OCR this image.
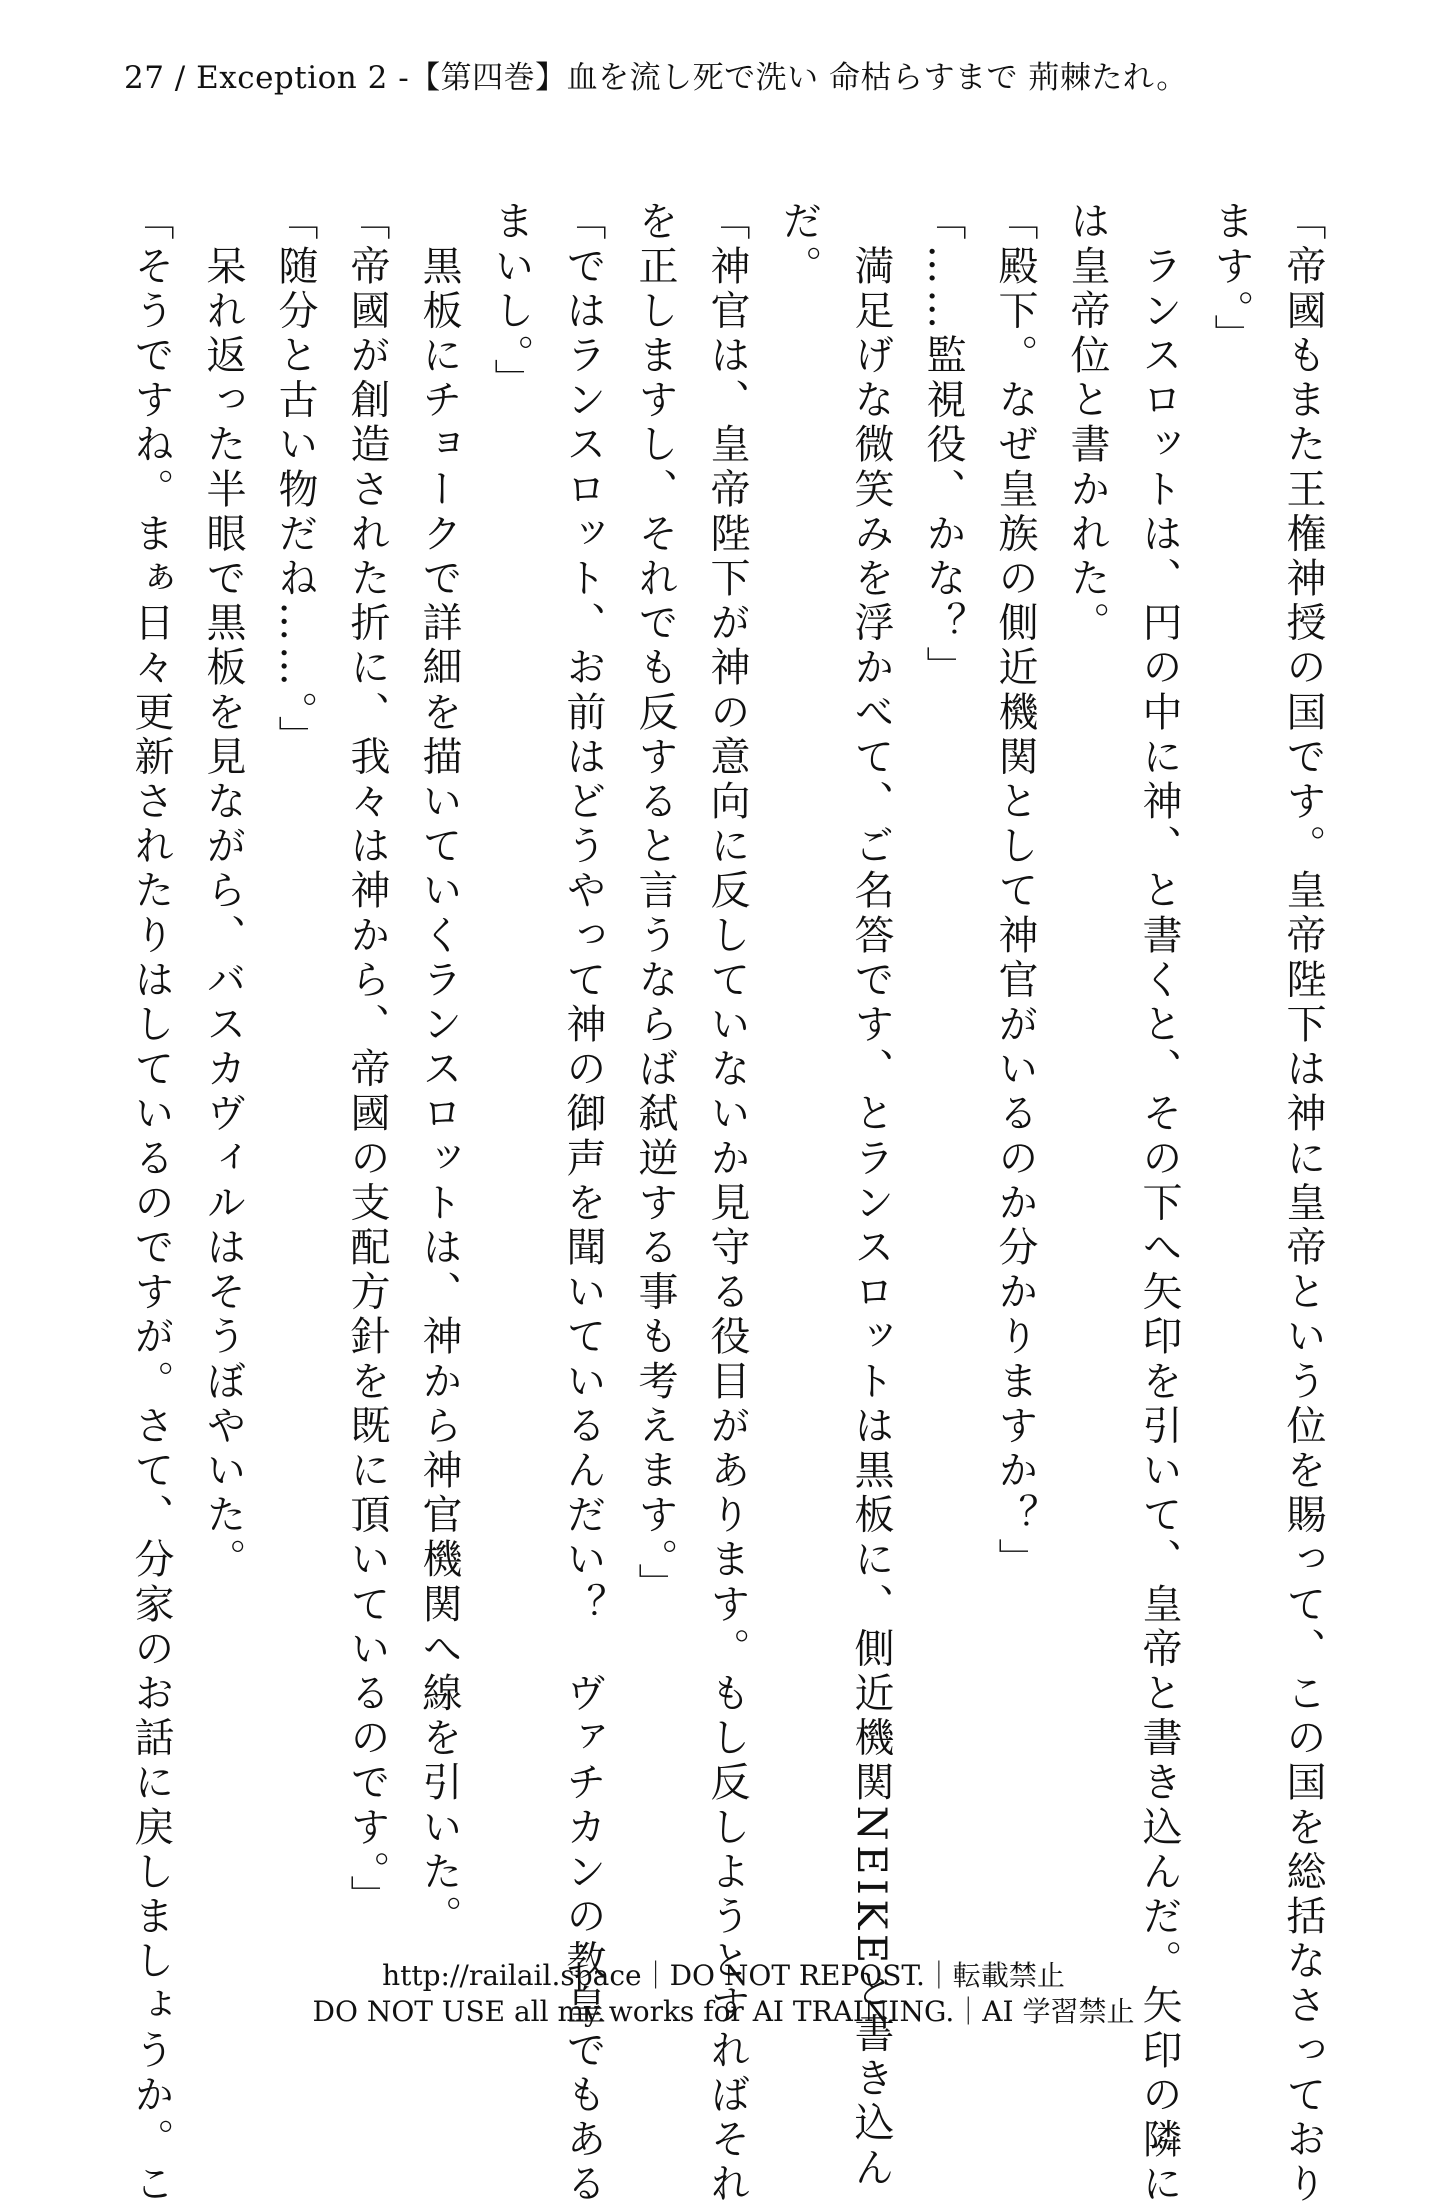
27 / Exception 2 -【第四巻】血を流し死で洗い 命枯らすまで 荊棘たれ。
「帝國もまた王権神授の国です。皇帝陛下は神に皇帝という位を賜って、この国を総括なさっており
ます。」
　ランスロットは、円の中に神、と書くと、その下へ矢印を引いて、皇帝と書き込んだ。矢印の隣に
は皇帝位と書かれた。
「殿下。なぜ皇族の側近機関として神官がいるのか分かりますか？」
「……監視役、かな？」
　満足げな微笑みを浮かべて、ご名答です、とランスロットは黒板に、側近機関NEIKEと書き込ん
だ。
「神官は、皇帝陛下が神の意向に反していないか見守る役目があります。もし反しようとすればそれ
を正しますし、それでも反すると言うならば弑逆する事も考えます。」
「ではランスロット、お前はどうやって神の御声を聞いているんだい？　ヴァチカンの教皇でもある
まいし。」
　黒板にチョークで詳細を描いていくランスロットは、神から神官機関へ線を引いた。
「帝國が創造された折に、我々は神から、帝國の支配方針を既に頂いているのです。」
「随分と古い物だね……。」
　呆れ返った半眼で黒板を見ながら、バスカヴィルはそうぼやいた。
「そうですね。まぁ日々更新されたりはしているのですが。さて、分家のお話に戻しましょうか。こ	http://railail.space｜DO NOT REPOST.｜転載禁止
DO NOT USE all my works for AI TRAINING.｜AI 学習禁止
